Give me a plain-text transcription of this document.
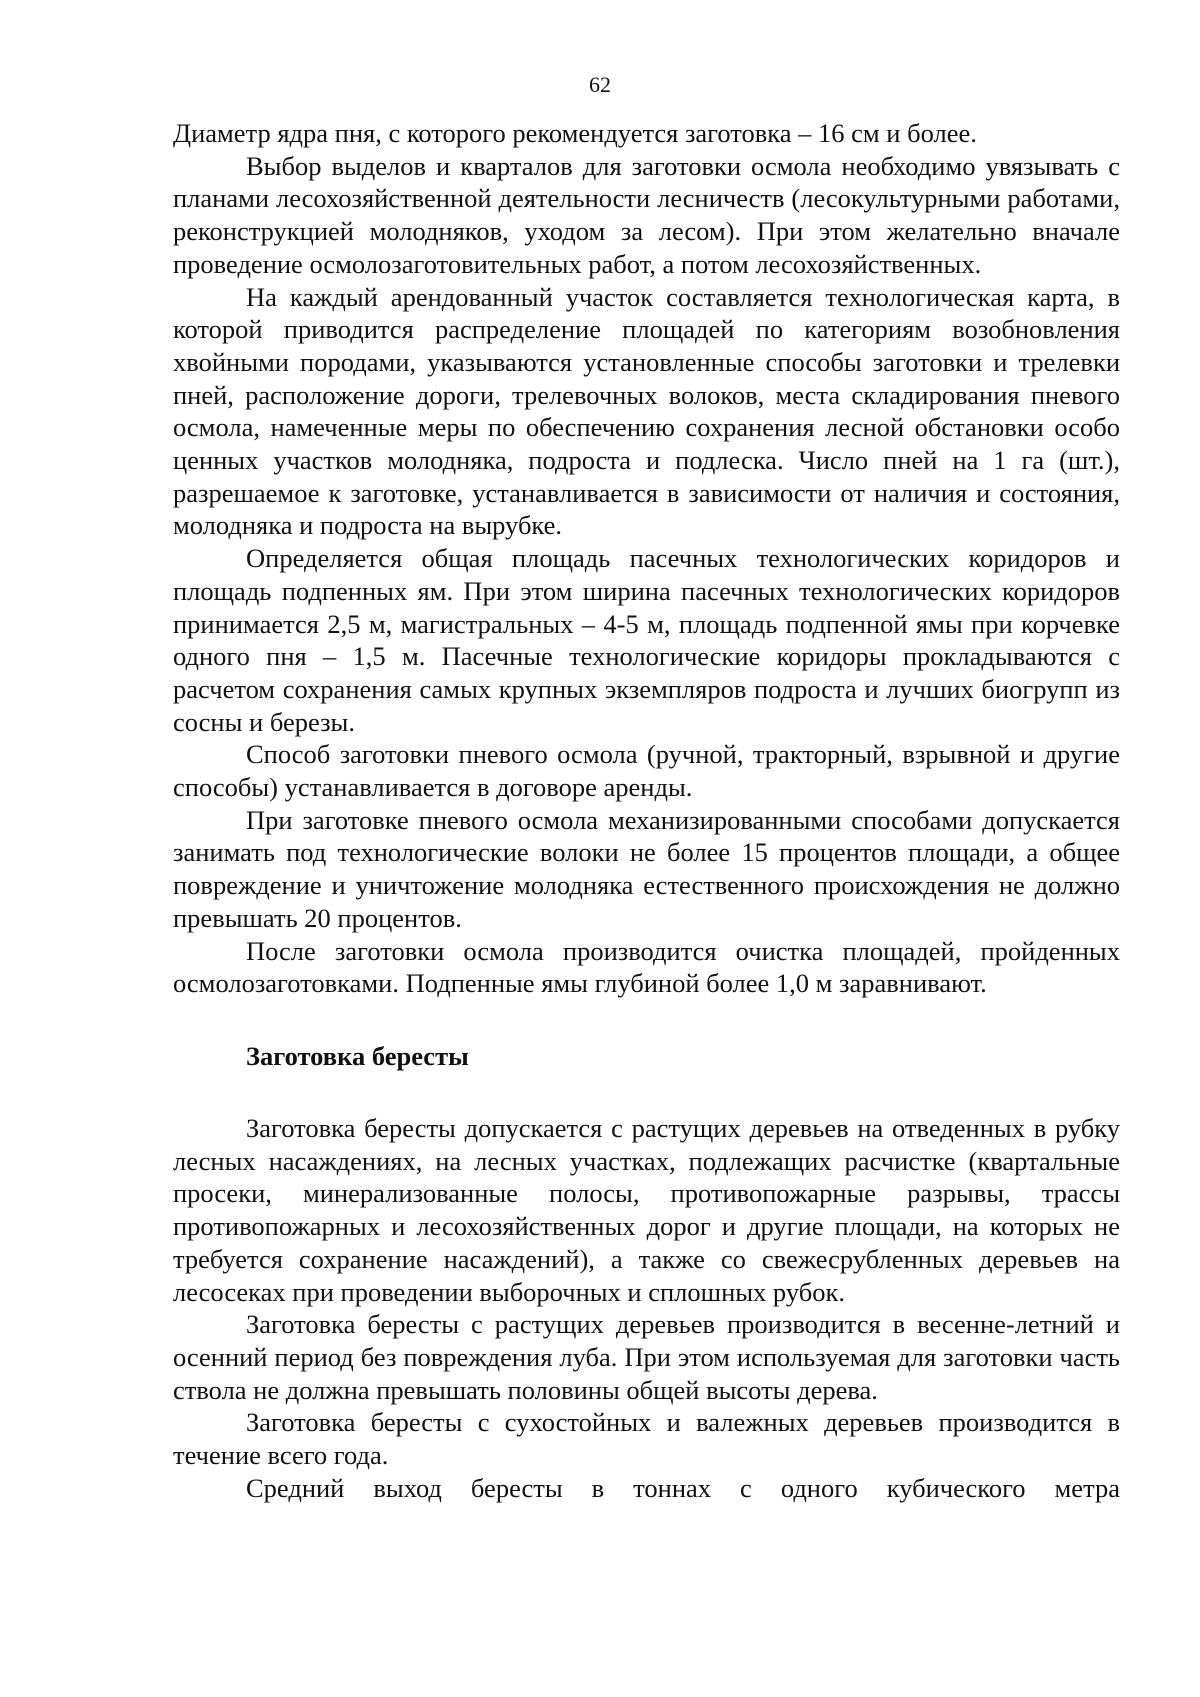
62

Диаметр ядра пня, с которого рекомендуется заготовка – 16 см и более.

Выбор выделов и кварталов для заготовки осмола необходимо увязывать с планами лесохозяйственной деятельности лесничеств (лесокультурными работами, реконструкцией молодняков, уходом за лесом). При этом желательно вначале проведение осмолозаготовительных работ, а потом лесохозяйственных.

На каждый арендованный участок составляется технологическая карта, в которой приводится распределение площадей по категориям возобновления хвойными породами, указываются установленные способы заготовки и трелевки пней, расположение дороги, трелевочных волоков, места складирования пневого осмола, намеченные меры по обеспечению сохранения лесной обстановки особо ценных участков молодняка, подроста и подлеска. Число пней на 1 га (шт.), разрешаемое к заготовке, устанавливается в зависимости от наличия и состояния, молодняка и подроста на вырубке.

Определяется общая площадь пасечных технологических коридоров и площадь подпенных ям. При этом ширина пасечных технологических коридоров принимается 2,5 м, магистральных – 4-5 м, площадь подпенной ямы при корчевке одного пня – 1,5 м. Пасечные технологические коридоры прокладываются с расчетом сохранения самых крупных экземпляров подроста и лучших биогрупп из сосны и березы.

Способ заготовки пневого осмола (ручной, тракторный, взрывной и другие способы) устанавливается в договоре аренды.

При заготовке пневого осмола механизированными способами допускается занимать под технологические волоки не более 15 процентов площади, а общее повреждение и уничтожение молодняка естественного происхождения не должно превышать 20 процентов.

После заготовки осмола производится очистка площадей, пройденных осмолозаготовками. Подпенные ямы глубиной более 1,0 м заравнивают.

Заготовка бересты

Заготовка бересты допускается с растущих деревьев на отведенных в рубку лесных насаждениях, на лесных участках, подлежащих расчистке (квартальные просеки, минерализованные полосы, противопожарные разрывы, трассы противопожарных и лесохозяйственных дорог и другие площади, на которых не требуется сохранение насаждений), а также со свежесрубленных деревьев на лесосеках при проведении выборочных и сплошных рубок.

Заготовка бересты с растущих деревьев производится в весенне-летний и осенний период без повреждения луба. При этом используемая для заготовки часть ствола не должна превышать половины общей высоты дерева.

Заготовка бересты с сухостойных и валежных деревьев производится в течение всего года.

Средний выход бересты в тоннах с одного кубического метра
